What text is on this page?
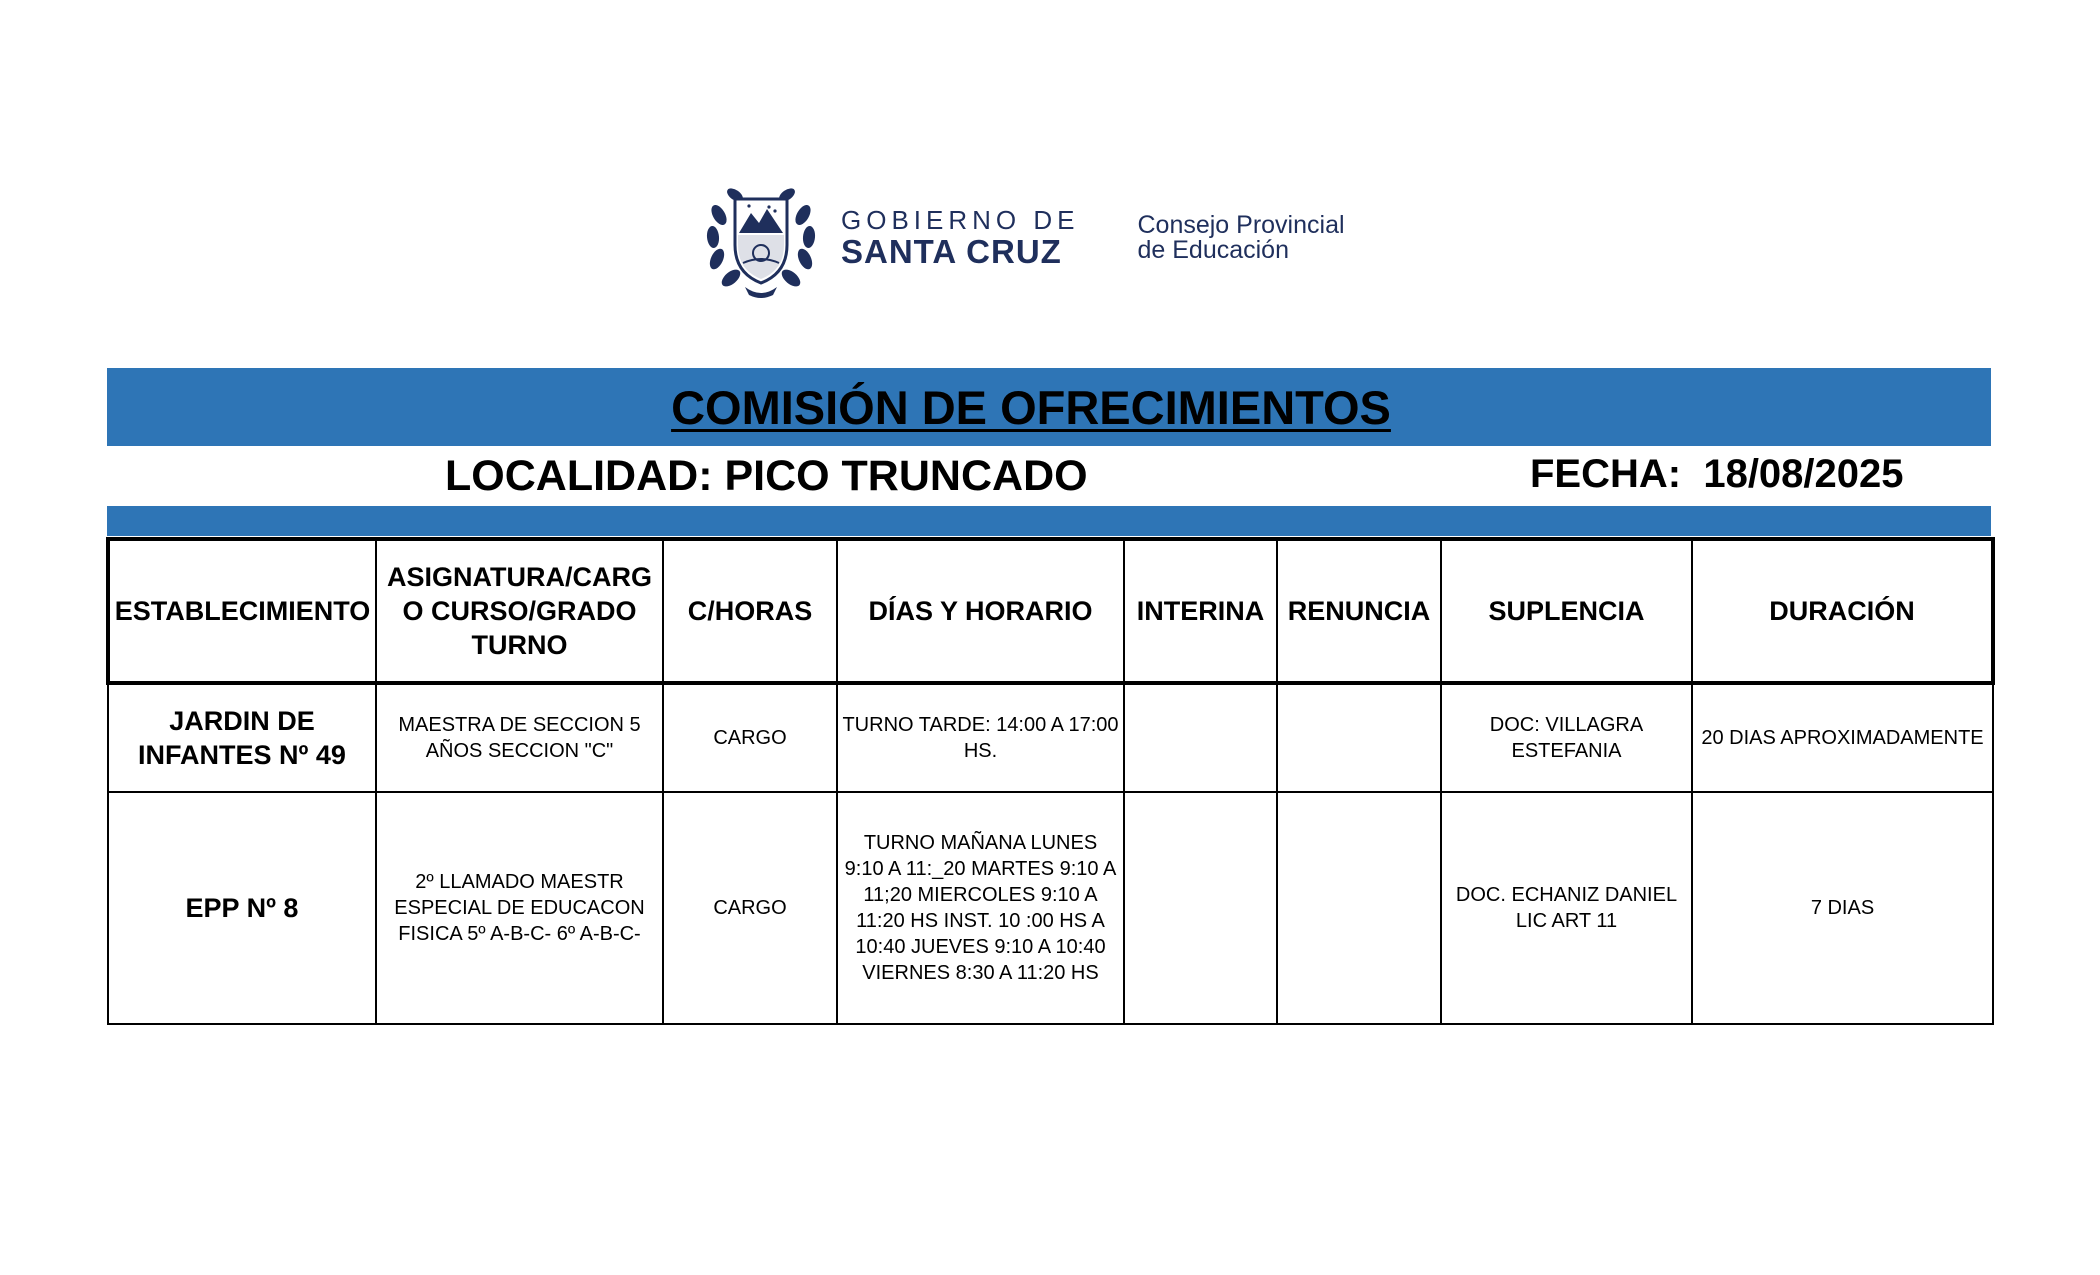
GOBIERNO DE
SANTA CRUZ
Consejo Provincial
de Educación
COMISIÓN DE OFRECIMIENTOS
LOCALIDAD: PICO TRUNCADO	FECHA:  18/08/2025
ESTABLECIMIENTO	ASIGNATURA/CARG O CURSO/GRADO TURNO	C/HORAS	DÍAS Y HORARIO	INTERINA	RENUNCIA	SUPLENCIA	DURACIÓN
JARDIN DE INFANTES Nº 49	MAESTRA DE SECCION 5 AÑOS SECCION "C"	CARGO	TURNO TARDE: 14:00 A 17:00 HS.			DOC: VILLAGRA ESTEFANIA	20 DIAS APROXIMADAMENTE
EPP Nº 8	2º LLAMADO MAESTR ESPECIAL DE EDUCACON FISICA 5º A-B-C- 6º A-B-C-	CARGO	TURNO MAÑANA LUNES 9:10 A 11:_20 MARTES 9:10 A 11;20 MIERCOLES 9:10 A 11:20 HS INST. 10 :00 HS A 10:40 JUEVES 9:10 A 10:40 VIERNES 8:30 A 11:20 HS			DOC. ECHANIZ DANIEL LIC ART 11	7 DIAS
